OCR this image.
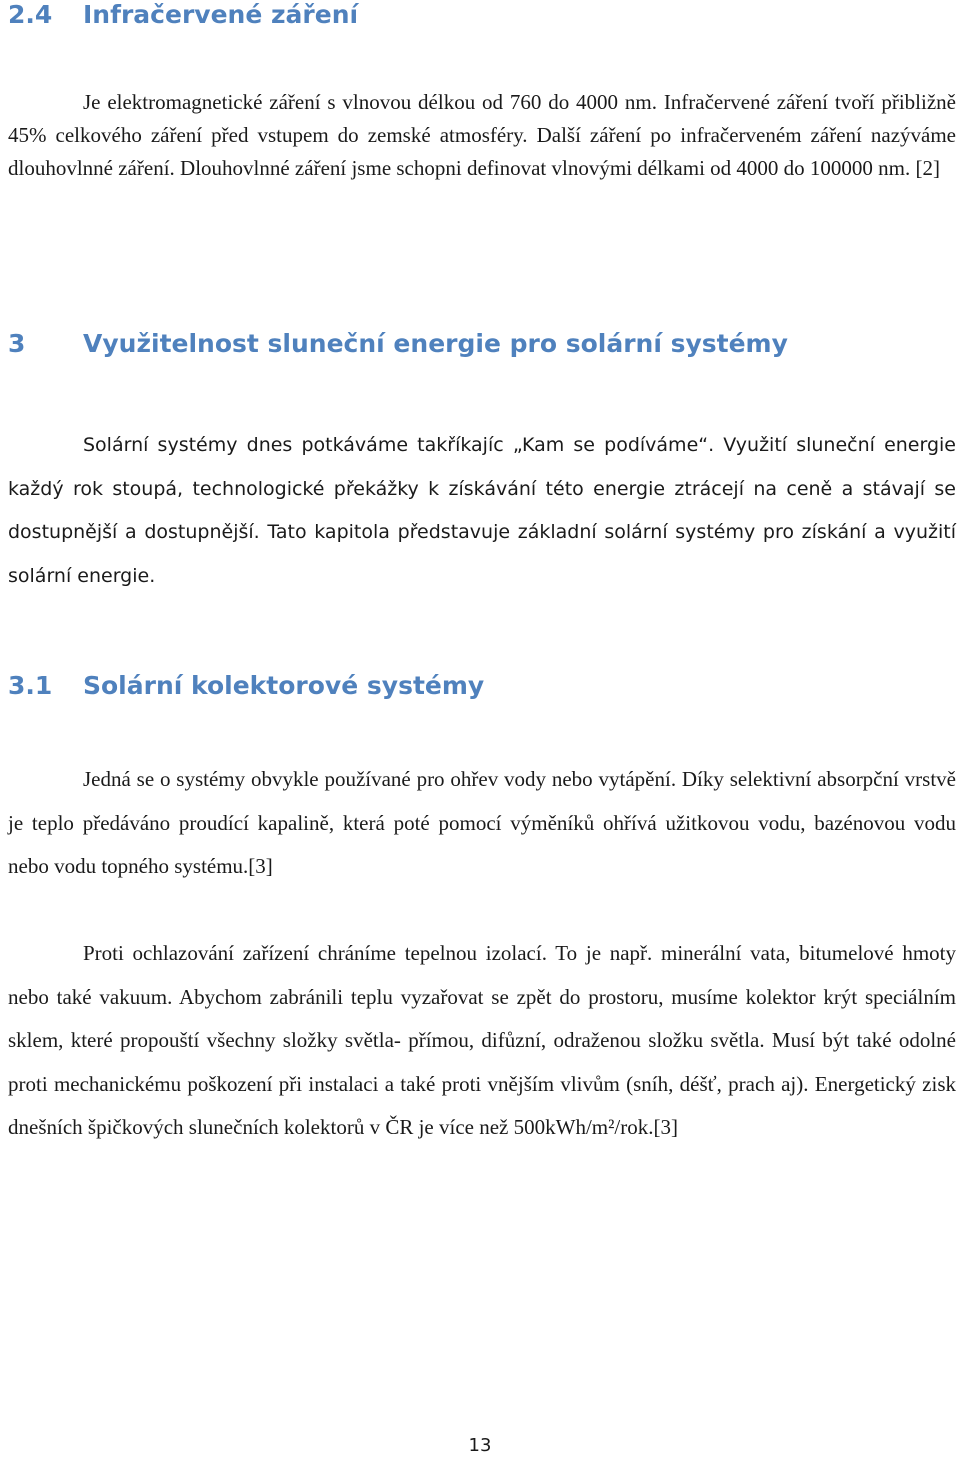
2.4 Infračervené záření

Je elektromagnetické záření s vlnovou délkou od 760 do 4000 nm. Infračervené záření tvoří přibližně 45% celkového záření před vstupem do zemské atmosféry. Další záření po infračerveném záření nazýváme dlouhovlnné záření. Dlouhovlnné záření jsme schopni definovat vlnovými délkami od 4000 do 100000 nm. [2]

3 Využitelnost sluneční energie pro solární systémy

Solární systémy dnes potkáváme takříkajíc „Kam se podíváme“. Využití sluneční energie každý rok stoupá, technologické překážky k získávání této energie ztrácejí na ceně a stávají se dostupnější a dostupnější. Tato kapitola představuje základní solární systémy pro získání a využití solární energie.

3.1 Solární kolektorové systémy

Jedná se o systémy obvykle používané pro ohřev vody nebo vytápění. Díky selektivní absorpční vrstvě je teplo předáváno proudící kapalině, která poté pomocí výměníků ohřívá užitkovou vodu, bazénovou vodu nebo vodu topného systému.[3]

Proti ochlazování zařízení chráníme tepelnou izolací. To je např. minerální vata, bitumelové hmoty nebo také vakuum. Abychom zabránili teplu vyzařovat se zpět do prostoru, musíme kolektor krýt speciálním sklem, které propouští všechny složky světla- přímou, difůzní, odraženou složku světla. Musí být také odolné proti mechanickému poškození při instalaci a také proti vnějším vlivům (sníh, déšť, prach aj). Energetický zisk dnešních špičkových slunečních kolektorů v ČR je více než 500kWh/m²/rok.[3]

13
